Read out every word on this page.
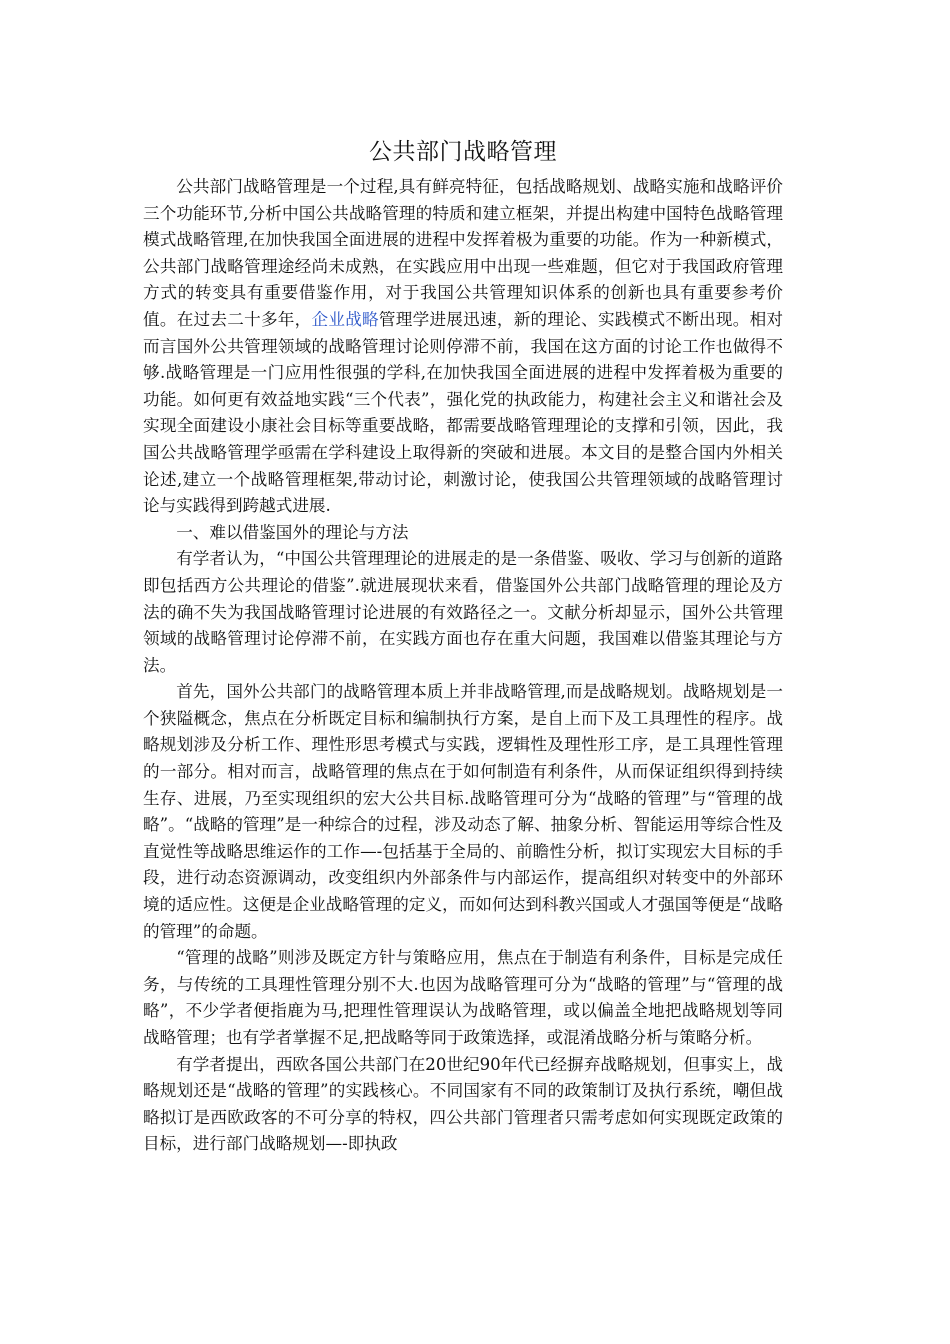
公共部门战略管理

公共部门战略管理是一个过程,具有鲜亮特征，包括战略规划、战略实施和战略评价三个功能环节,分析中国公共战略管理的特质和建立框架，并提出构建中国特色战略管理模式战略管理,在加快我国全面进展的进程中发挥着极为重要的功能。作为一种新模式，公共部门战略管理途经尚未成熟，在实践应用中出现一些难题，但它对于我国政府管理方式的转变具有重要借鉴作用，对于我国公共管理知识体系的创新也具有重要参考价值。在过去二十多年，企业战略管理学进展迅速，新的理论、实践模式不断出现。相对而言国外公共管理领域的战略管理讨论则停滞不前，我国在这方面的讨论工作也做得不够.战略管理是一门应用性很强的学科,在加快我国全面进展的进程中发挥着极为重要的功能。如何更有效益地实践“三个代表”，强化党的执政能力，构建社会主义和谐社会及实现全面建设小康社会目标等重要战略，都需要战略管理理论的支撑和引领，因此，我国公共战略管理学亟需在学科建设上取得新的突破和进展。本文目的是整合国内外相关论述,建立一个战略管理框架,带动讨论，刺激讨论，使我国公共管理领域的战略管理讨论与实践得到跨越式进展.

一、难以借鉴国外的理论与方法

有学者认为，“中国公共管理理论的进展走的是一条借鉴、吸收、学习与创新的道路即包括西方公共理论的借鉴”.就进展现状来看，借鉴国外公共部门战略管理的理论及方法的确不失为我国战略管理讨论进展的有效路径之一。文献分析却显示，国外公共管理领域的战略管理讨论停滞不前，在实践方面也存在重大问题，我国难以借鉴其理论与方法。

首先，国外公共部门的战略管理本质上并非战略管理,而是战略规划。战略规划是一个狭隘概念，焦点在分析既定目标和编制执行方案，是自上而下及工具理性的程序。战略规划涉及分析工作、理性形思考模式与实践，逻辑性及理性形工序，是工具理性管理的一部分。相对而言，战略管理的焦点在于如何制造有利条件，从而保证组织得到持续生存、进展，乃至实现组织的宏大公共目标.战略管理可分为“战略的管理”与“管理的战略”。“战略的管理”是一种综合的过程，涉及动态了解、抽象分析、智能运用等综合性及直觉性等战略思维运作的工作—-包括基于全局的、前瞻性分析，拟订实现宏大目标的手段，进行动态资源调动，改变组织内外部条件与内部运作，提高组织对转变中的外部环境的适应性。这便是企业战略管理的定义，而如何达到科教兴国或人才强国等便是“战略的管理”的命题。

“管理的战略”则涉及既定方针与策略应用，焦点在于制造有利条件，目标是完成任务，与传统的工具理性管理分别不大.也因为战略管理可分为“战略的管理”与“管理的战略”，不少学者便指鹿为马,把理性管理误认为战略管理，或以偏盖全地把战略规划等同战略管理；也有学者掌握不足,把战略等同于政策选择，或混淆战略分析与策略分析。

有学者提出，西欧各国公共部门在20世纪90年代已经摒弃战略规划，但事实上，战略规划还是“战略的管理”的实践核心。不同国家有不同的政策制订及执行系统，嘲但战略拟订是西欧政客的不可分享的特权，四公共部门管理者只需考虑如何实现既定政策的目标，进行部门战略规划—-即执政
